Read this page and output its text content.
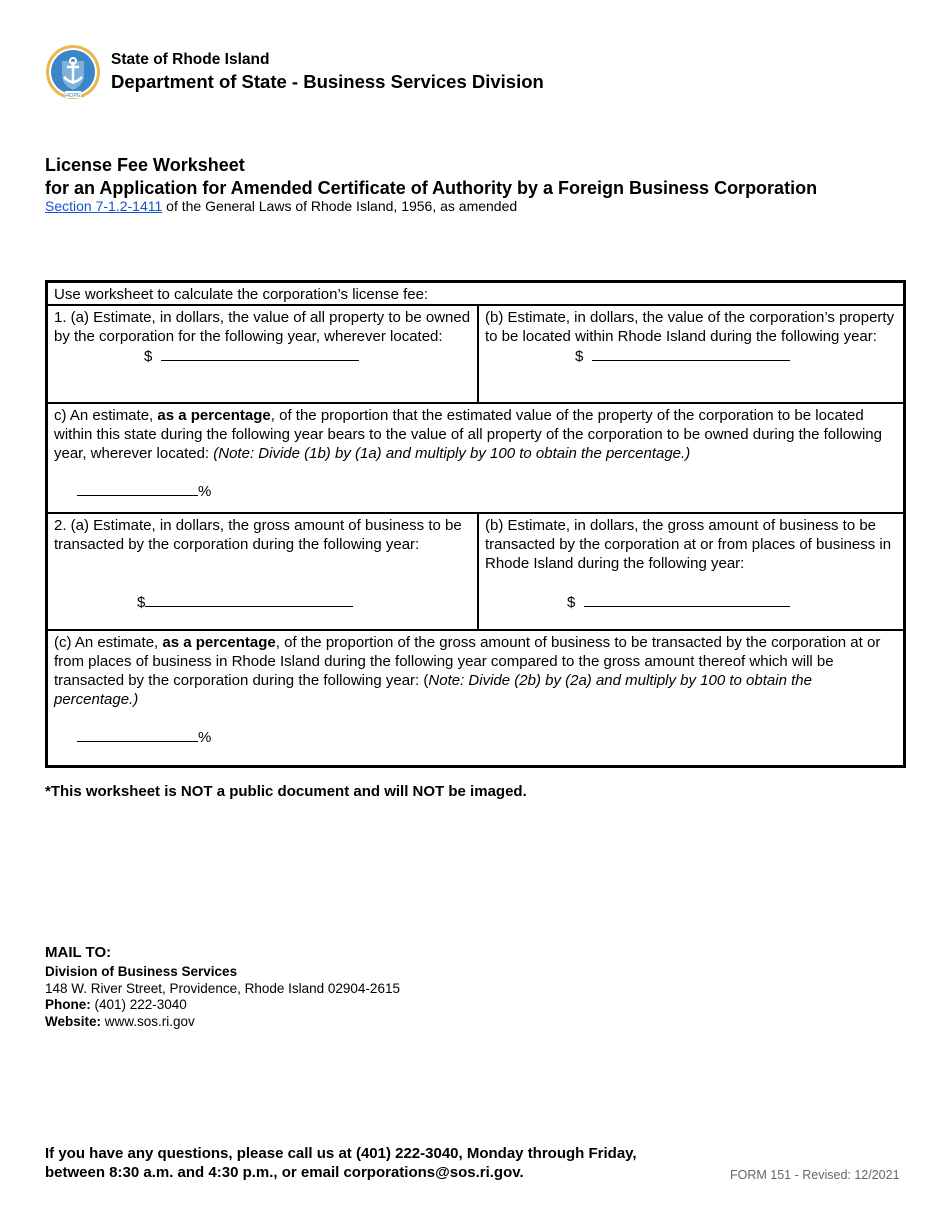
HOPE
State of Rhode Island
Department of State - Business Services Division
License Fee Worksheet
for an Application for Amended Certificate of Authority by a Foreign Business Corporation
Section 7-1.2-1411 of the General Laws of Rhode Island, 1956, as amended
Use worksheet to calculate the corporation’s license fee:
1. (a) Estimate, in dollars, the value of all property to be owned by the corporation for the following year, wherever located:
$
(b) Estimate, in dollars, the value of the corporation’s property to be located within Rhode Island during the following year:
$
c) An estimate, as a percentage, of the proportion that the estimated value of the property of the corporation to be located within this state during the following year bears to the value of all property of the corporation to be owned during the following year, wherever located: (Note: Divide (1b) by (1a) and multiply by 100 to obtain the percentage.)
%
2. (a) Estimate, in dollars, the gross amount of business to be transacted by the corporation during the following year:
$
(b) Estimate, in dollars, the gross amount of business to be transacted by the corporation at or from places of business in Rhode Island during the following year:
$
(c) An estimate, as a percentage, of the proportion of the gross amount of business to be transacted by the corporation at or from places of business in Rhode Island during the following year compared to the gross amount thereof which will be transacted by the corporation during the following year: (Note: Divide (2b) by (2a) and multiply by 100 to obtain the percentage.)
%
*This worksheet is NOT a public document and will NOT be imaged.
MAIL TO:
Division of Business Services
148 W. River Street, Providence, Rhode Island 02904-2615
Phone: (401) 222-3040
Website: www.sos.ri.gov
If you have any questions, please call us at (401) 222-3040, Monday through Friday, between 8:30 a.m. and 4:30 p.m., or email corporations@sos.ri.gov.	FORM 151 - Revised: 12/2021
